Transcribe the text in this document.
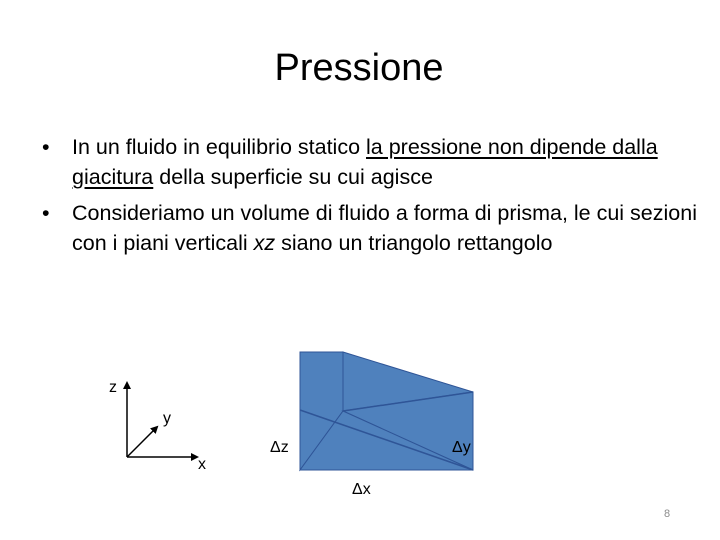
Pressione
• In un fluido in equilibrio statico la pressione non dipende dalla giacitura della superficie su cui agisce
• Consideriamo un volume di fluido a forma di prisma, le cui sezioni con i piani verticali xz siano un triangolo rettangolo
z
y
x
Δz	Δy
Δx
8
